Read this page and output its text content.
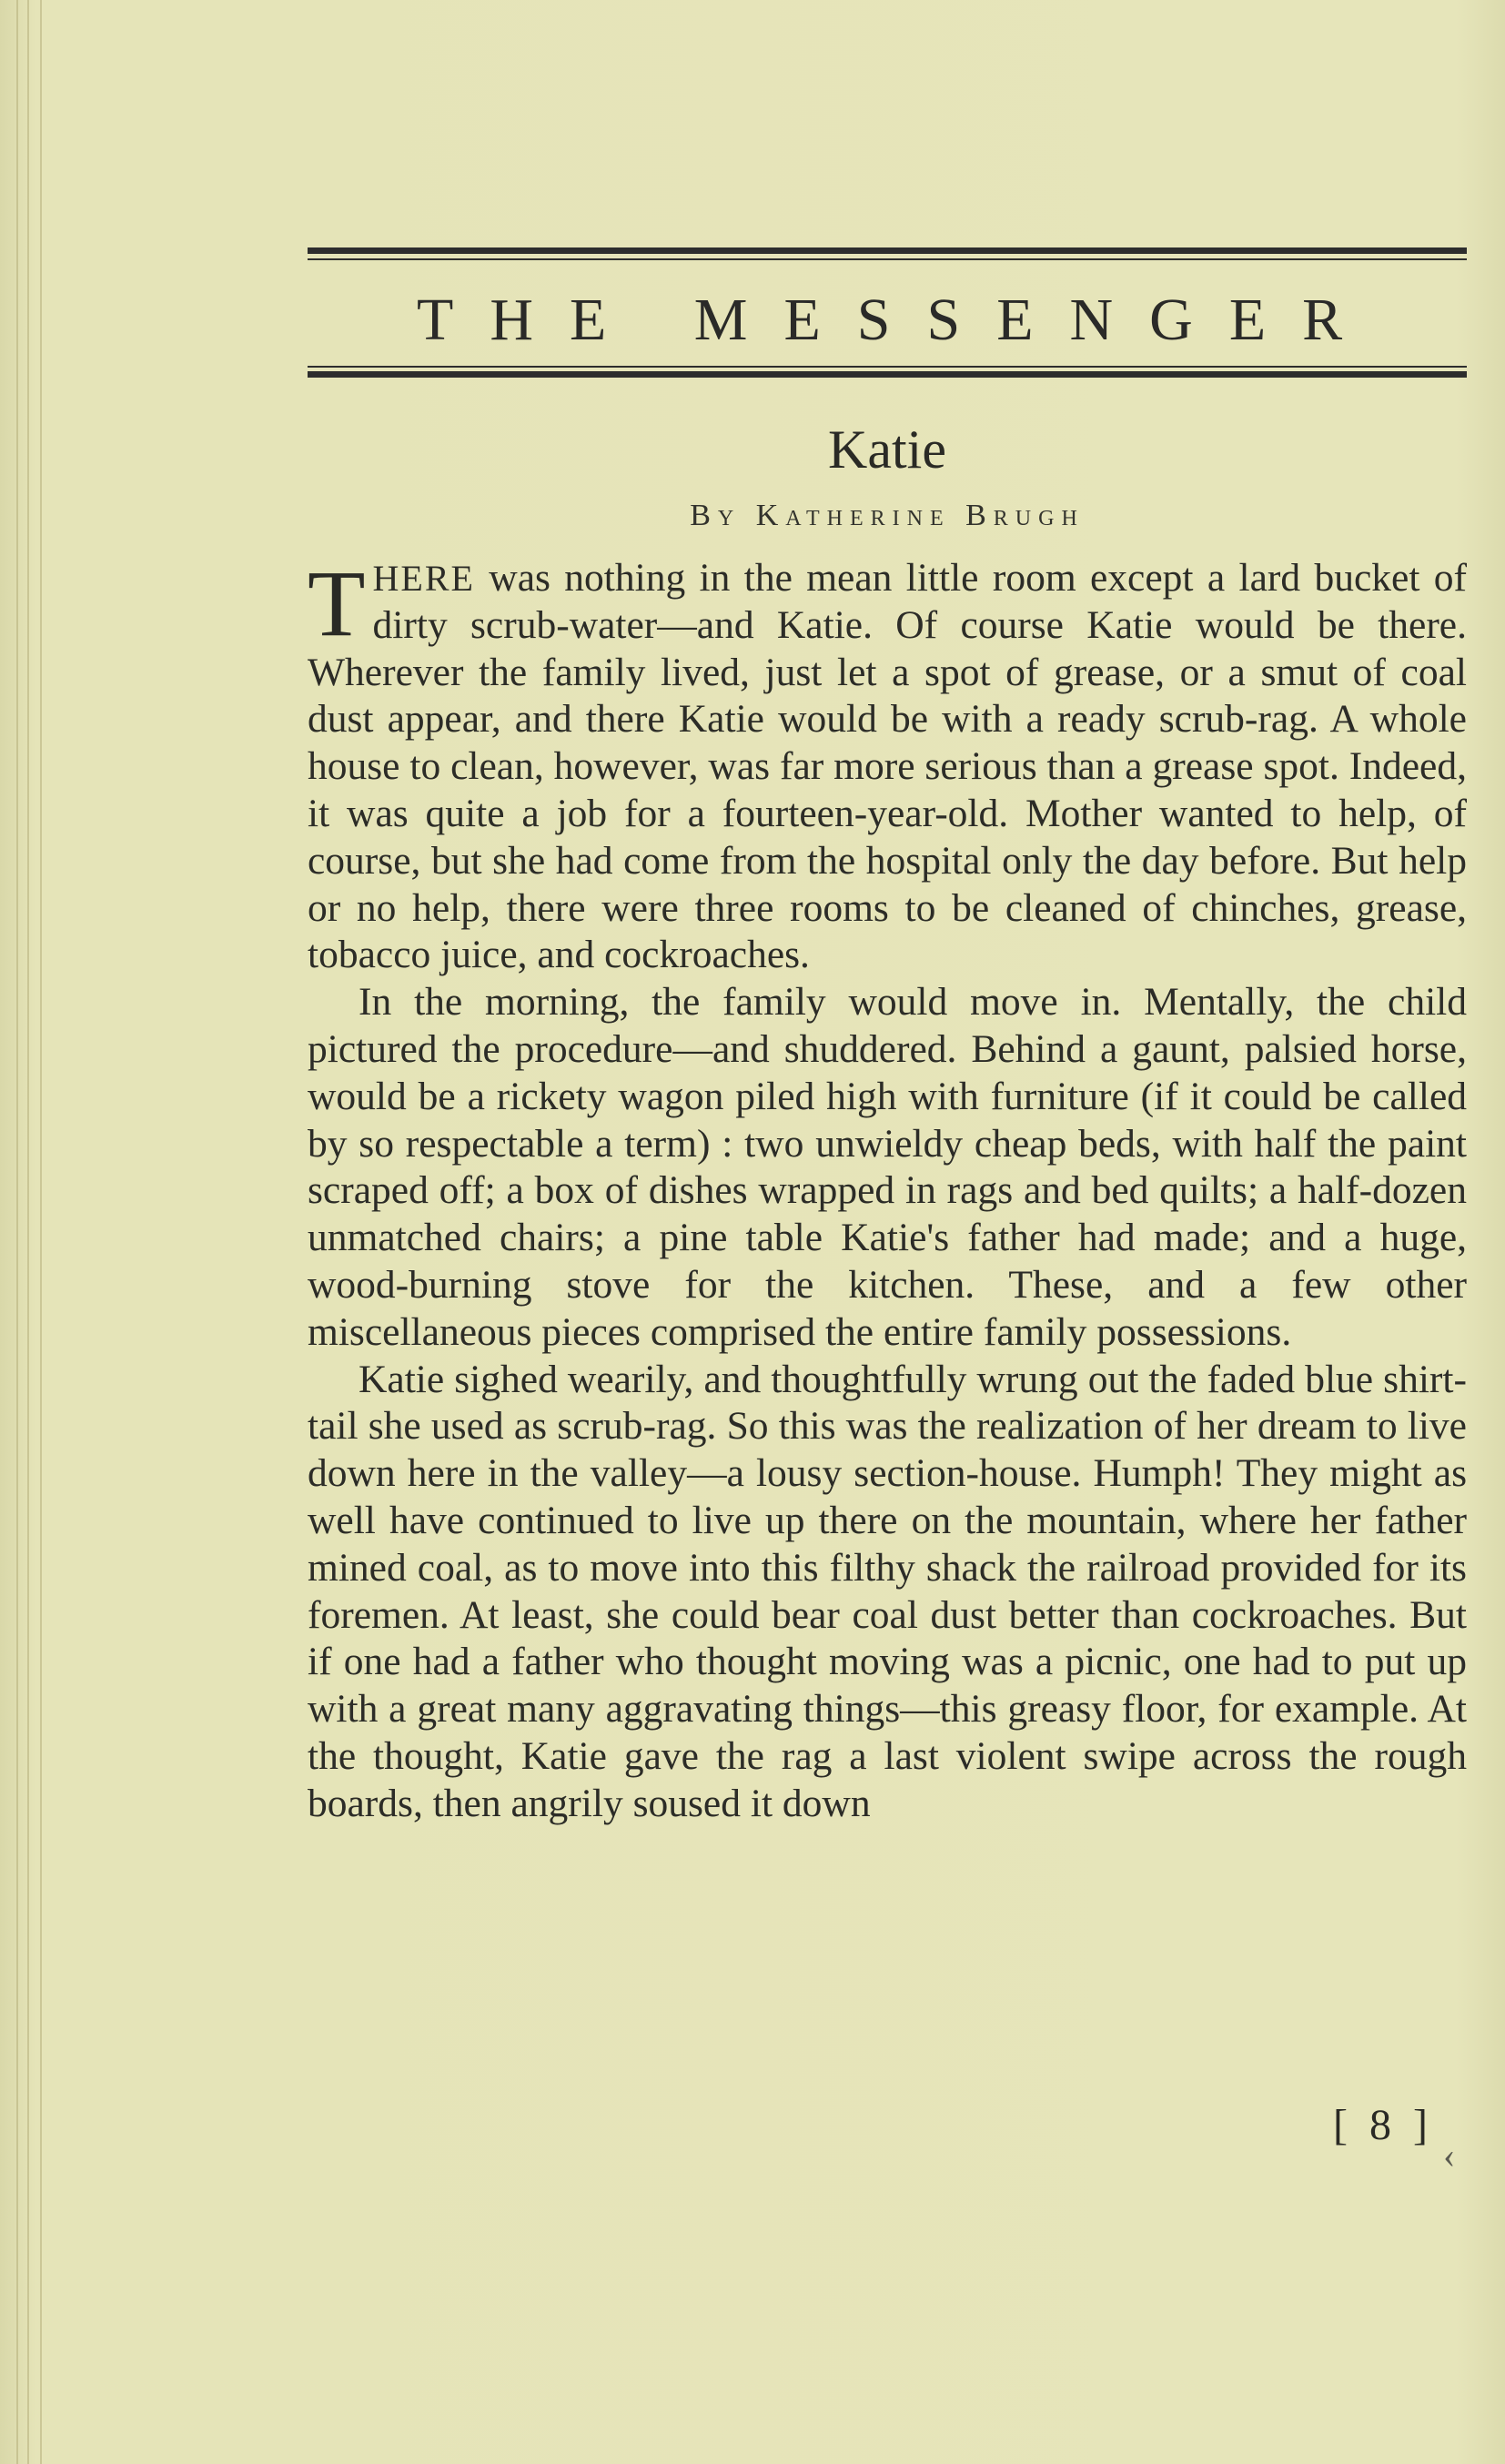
THE MESSENGER
Katie
By Katherine Brugh

T HERE was nothing in the mean little room except a lard bucket of dirty scrub-water—and Katie. Of course Katie would be there. Wherever the family lived, just let a spot of grease, or a smut of coal dust appear, and there Katie would be with a ready scrub-rag. A whole house to clean, however, was far more serious than a grease spot. Indeed, it was quite a job for a fourteen-year-old. Mother wanted to help, of course, but she had come from the hospital only the day before. But help or no help, there were three rooms to be cleaned of chinches, grease, tobacco juice, and cockroaches.

In the morning, the family would move in. Mentally, the child pictured the procedure—and shuddered. Behind a gaunt, palsied horse, would be a rickety wagon piled high with furniture (if it could be called by so respectable a term) : two unwieldy cheap beds, with half the paint scraped off; a box of dishes wrapped in rags and bed quilts; a half-dozen unmatched chairs; a pine table Katie's father had made; and a huge, wood-burning stove for the kitchen. These, and a few other miscellaneous pieces comprised the entire family possessions.

Katie sighed wearily, and thoughtfully wrung out the faded blue shirt-tail she used as scrub-rag. So this was the realization of her dream to live down here in the valley—a lousy section-house. Humph! They might as well have continued to live up there on the mountain, where her father mined coal, as to move into this filthy shack the railroad provided for its foremen. At least, she could bear coal dust better than cockroaches. But if one had a father who thought moving was a picnic, one had to put up with a great many aggravating things—this greasy floor, for example. At the thought, Katie gave the rag a last violent swipe across the rough boards, then angrily soused it down

[ 8 ]
‹
